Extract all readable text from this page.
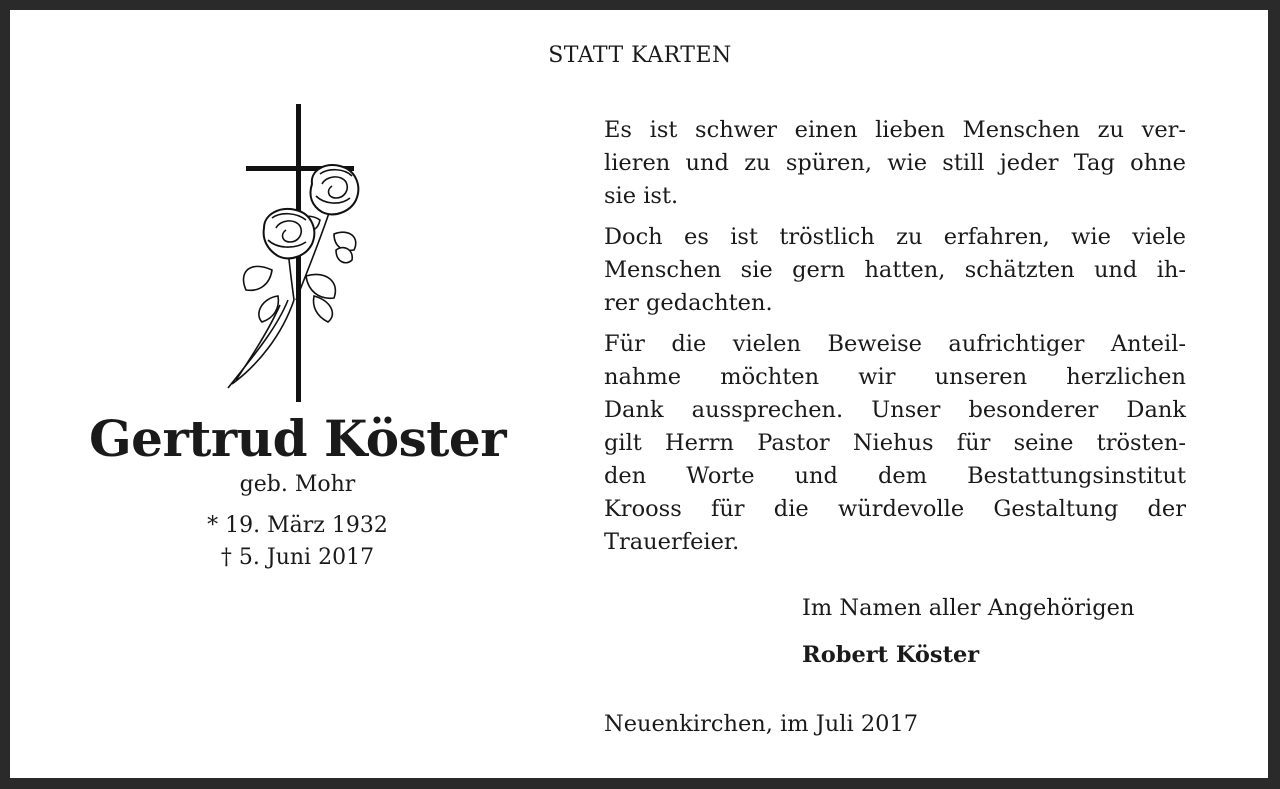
STATT KARTEN
Gertrud Köster
geb. Mohr
* 19. März 1932
† 5. Juni 2017

Es ist schwer einen lieben Menschen zu ver-
lieren und zu spüren, wie still jeder Tag ohne
sie ist.

Doch es ist tröstlich zu erfahren, wie viele
Menschen sie gern hatten, schätzten und ih-
rer gedachten.

Für die vielen Beweise aufrichtiger Anteil-
nahme möchten wir unseren herzlichen
Dank aussprechen. Unser besonderer Dank
gilt Herrn Pastor Niehus für seine trösten-
den Worte und dem Bestattungsinstitut
Krooss für die würdevolle Gestaltung der
Trauerfeier.

Im Namen aller Angehörigen
Robert Köster
Neuenkirchen, im Juli 2017
